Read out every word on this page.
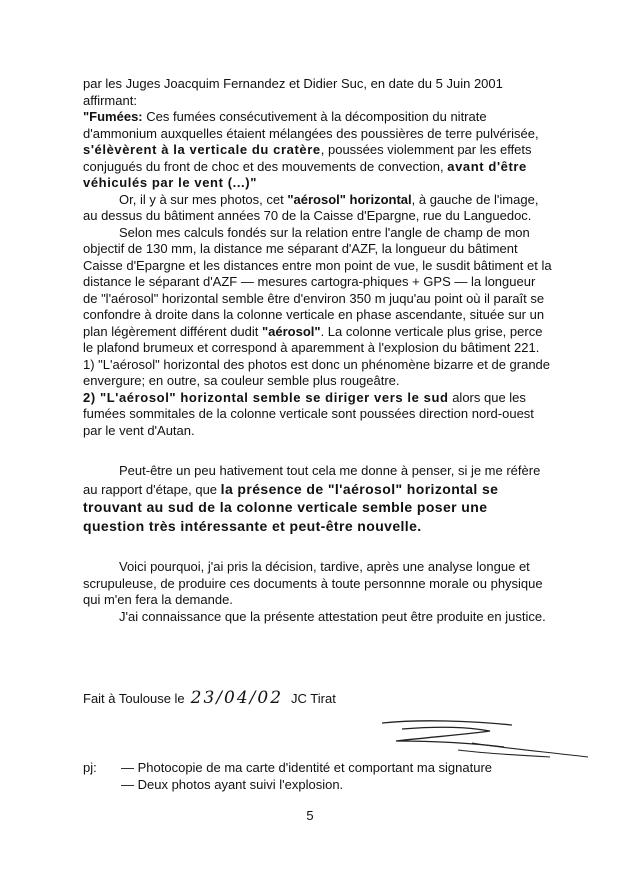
par les Juges Joacquim Fernandez et Didier Suc, en date du 5 Juin 2001 affirmant:

"Fumées: Ces fumées consécutivement à la décomposition du nitrate d'ammonium auxquelles étaient mélangées des poussières de terre pulvérisée, s'élèvèrent à la verticale du cratère, poussées violemment par les effets conjugués du front de choc et des mouvements de convection, avant d'être véhiculés par le vent (...)"

Or, il y à sur mes photos, cet "aérosol" horizontal, à gauche de l'image, au dessus du bâtiment années 70 de la Caisse d'Epargne, rue du Languedoc.

Selon mes calculs fondés sur la relation entre l'angle de champ de mon objectif de 130 mm, la distance me séparant d'AZF, la longueur du bâtiment Caisse d'Epargne et les distances entre mon point de vue, le susdit bâtiment et la distance le séparant d'AZF — mesures cartogra-phiques + GPS — la longueur de "l'aérosol" horizontal semble être d'environ 350 m juqu'au point où il paraît se confondre à droite dans la colonne verticale en phase ascendante, située sur un plan légèrement différent dudit "aérosol". La colonne verticale plus grise, perce le plafond brumeux et correspond à aparemment à l'explosion du bâtiment 221.

1) "L'aérosol" horizontal des photos est donc un phénomène bizarre et de grande envergure; en outre, sa couleur semble plus rougeâtre.

2) "L'aérosol" horizontal semble se diriger vers le sud alors que les fumées sommitales de la colonne verticale sont poussées direction nord-ouest par le vent d'Autan.

Peut-être un peu hativement tout cela me donne à penser, si je me réfère au rapport d'étape, que la présence de "l'aérosol" horizontal se trouvant au sud de la colonne verticale semble poser une question très intéressante et peut-être nouvelle.

Voici pourquoi, j'ai pris la décision, tardive, après une analyse longue et scrupuleuse, de produire ces documents à toute personnne morale ou physique qui m'en fera la demande.

J'ai connaissance que la présente attestation peut être produite en justice.

Fait à Toulouse le 23/04/02 JC Tirat
pj: — Photocopie de ma carte d'identité et comportant ma signature
— Deux photos ayant suivi l'explosion.
5
